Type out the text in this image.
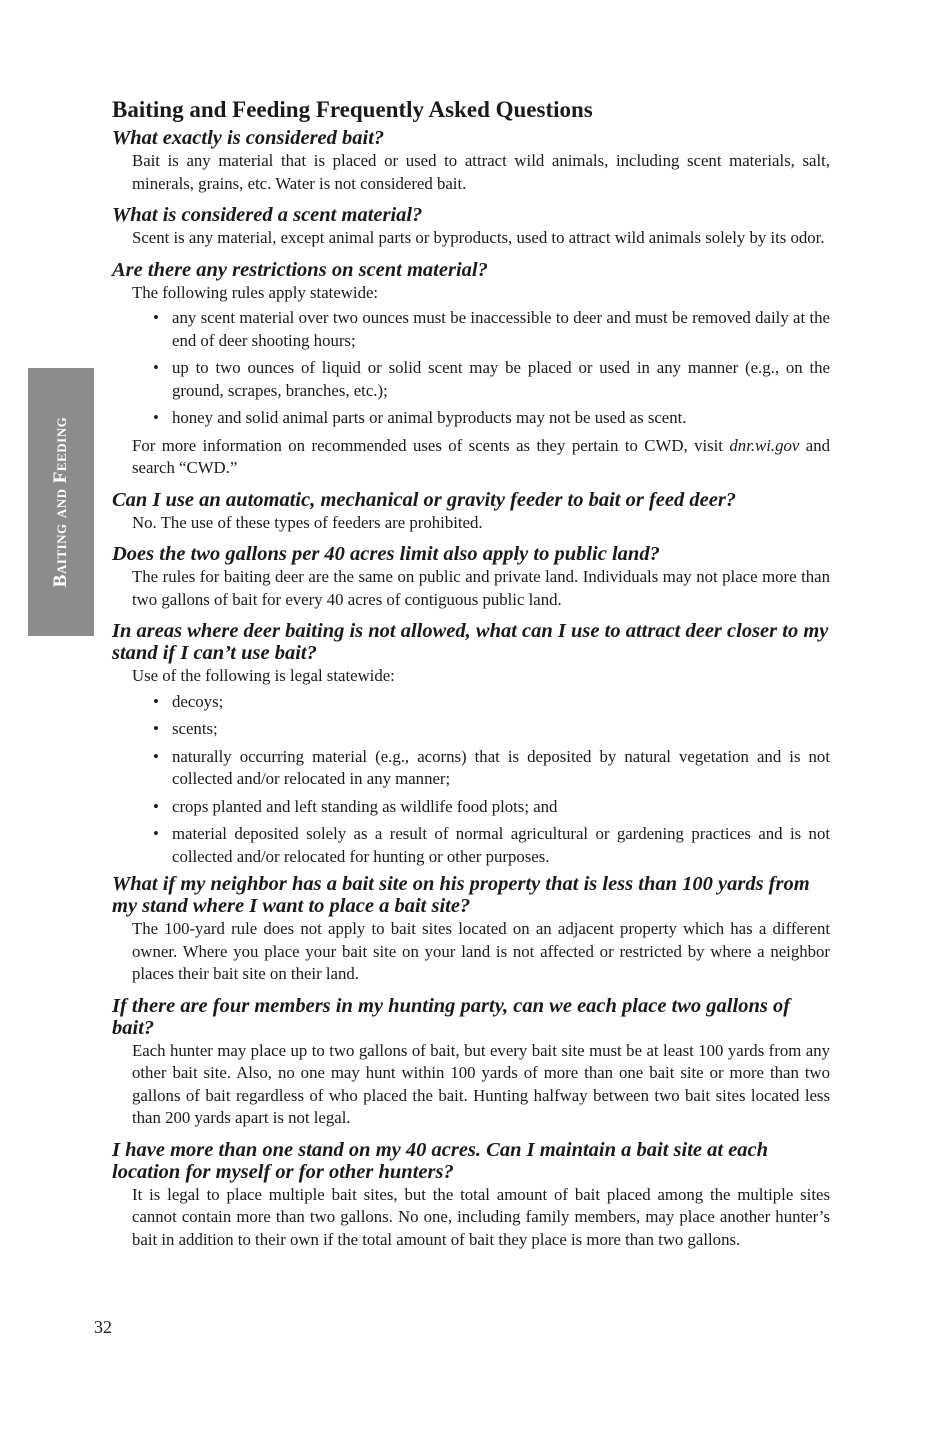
Baiting and Feeding
Baiting and Feeding Frequently Asked Questions
What exactly is considered bait?

Bait is any material that is placed or used to attract wild animals, including scent materials, salt, minerals, grains, etc. Water is not considered bait.

What is considered a scent material?

Scent is any material, except animal parts or byproducts, used to attract wild animals solely by its odor.

Are there any restrictions on scent material?

The following rules apply statewide:

• any scent material over two ounces must be inaccessible to deer and must be removed daily at the end of deer shooting hours;
• up to two ounces of liquid or solid scent may be placed or used in any manner (e.g., on the ground, scrapes, branches, etc.);
• honey and solid animal parts or animal byproducts may not be used as scent.

For more information on recommended uses of scents as they pertain to CWD, visit dnr.wi.gov and search “CWD.”

Can I use an automatic, mechanical or gravity feeder to bait or feed deer?

No. The use of these types of feeders are prohibited.

Does the two gallons per 40 acres limit also apply to public land?

The rules for baiting deer are the same on public and private land. Individuals may not place more than two gallons of bait for every 40 acres of contiguous public land.

In areas where deer baiting is not allowed, what can I use to attract deer closer to my stand if I can’t use bait?

Use of the following is legal statewide:

• decoys;
• scents;
• naturally occurring material (e.g., acorns) that is deposited by natural vegetation and is not collected and/or relocated in any manner;
• crops planted and left standing as wildlife food plots; and
• material deposited solely as a result of normal agricultural or gardening practices and is not collected and/or relocated for hunting or other purposes.
What if my neighbor has a bait site on his property that is less than 100 yards from my stand where I want to place a bait site?

The 100-yard rule does not apply to bait sites located on an adjacent property which has a different owner. Where you place your bait site on your land is not affected or restricted by where a neighbor places their bait site on their land.

If there are four members in my hunting party, can we each place two gallons of bait?

Each hunter may place up to two gallons of bait, but every bait site must be at least 100 yards from any other bait site. Also, no one may hunt within 100 yards of more than one bait site or more than two gallons of bait regardless of who placed the bait. Hunting halfway between two bait sites located less than 200 yards apart is not legal.

I have more than one stand on my 40 acres. Can I maintain a bait site at each location for myself or for other hunters?

It is legal to place multiple bait sites, but the total amount of bait placed among the multiple sites cannot contain more than two gallons. No one, including family members, may place another hunter’s bait in addition to their own if the total amount of bait they place is more than two gallons.

32
